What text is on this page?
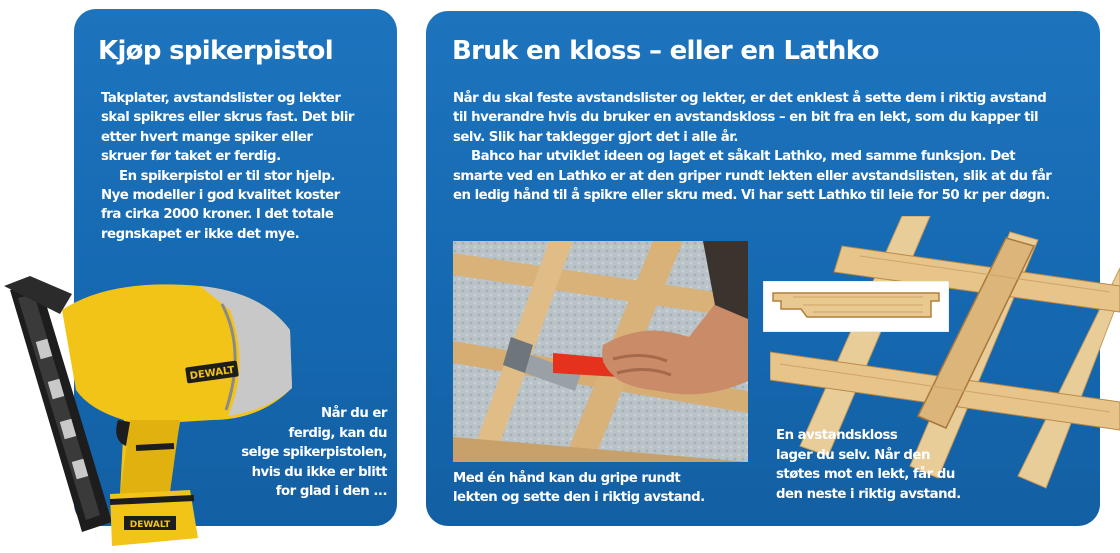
Kjøp spikerpistol

Takplater, avstandslister og lekter
skal spikres eller skrus fast. Det blir
etter hvert mange spiker eller
skruer før taket er ferdig.
En spikerpistol er til stor hjelp.
Nye modeller i god kvalitet koster
fra cirka 2000 kroner. I det totale
regnskapet er ikke det mye.

DEWALT
DEWALT

Når du er
ferdig, kan du
selge spikerpistolen,
hvis du ikke er blitt
for glad i den ...

Bruk en kloss – eller en Lathko

Når du skal feste avstandslister og lekter, er det enklest å sette dem i riktig avstand
til hverandre hvis du bruker en avstandskloss – en bit fra en lekt, som du kapper til
selv. Slik har taklegger gjort det i alle år.
Bahco har utviklet ideen og laget et såkalt Lathko, med samme funksjon. Det
smarte ved en Lathko er at den griper rundt lekten eller avstandslisten, slik at du får
en ledig hånd til å spikre eller skru med. Vi har sett Lathko til leie for 50 kr per døgn.

Med én hånd kan du gripe rundt
lekten og sette den i riktig avstand.

En avstandskloss
lager du selv. Når den
støtes mot en lekt, får du
den neste i riktig avstand.
